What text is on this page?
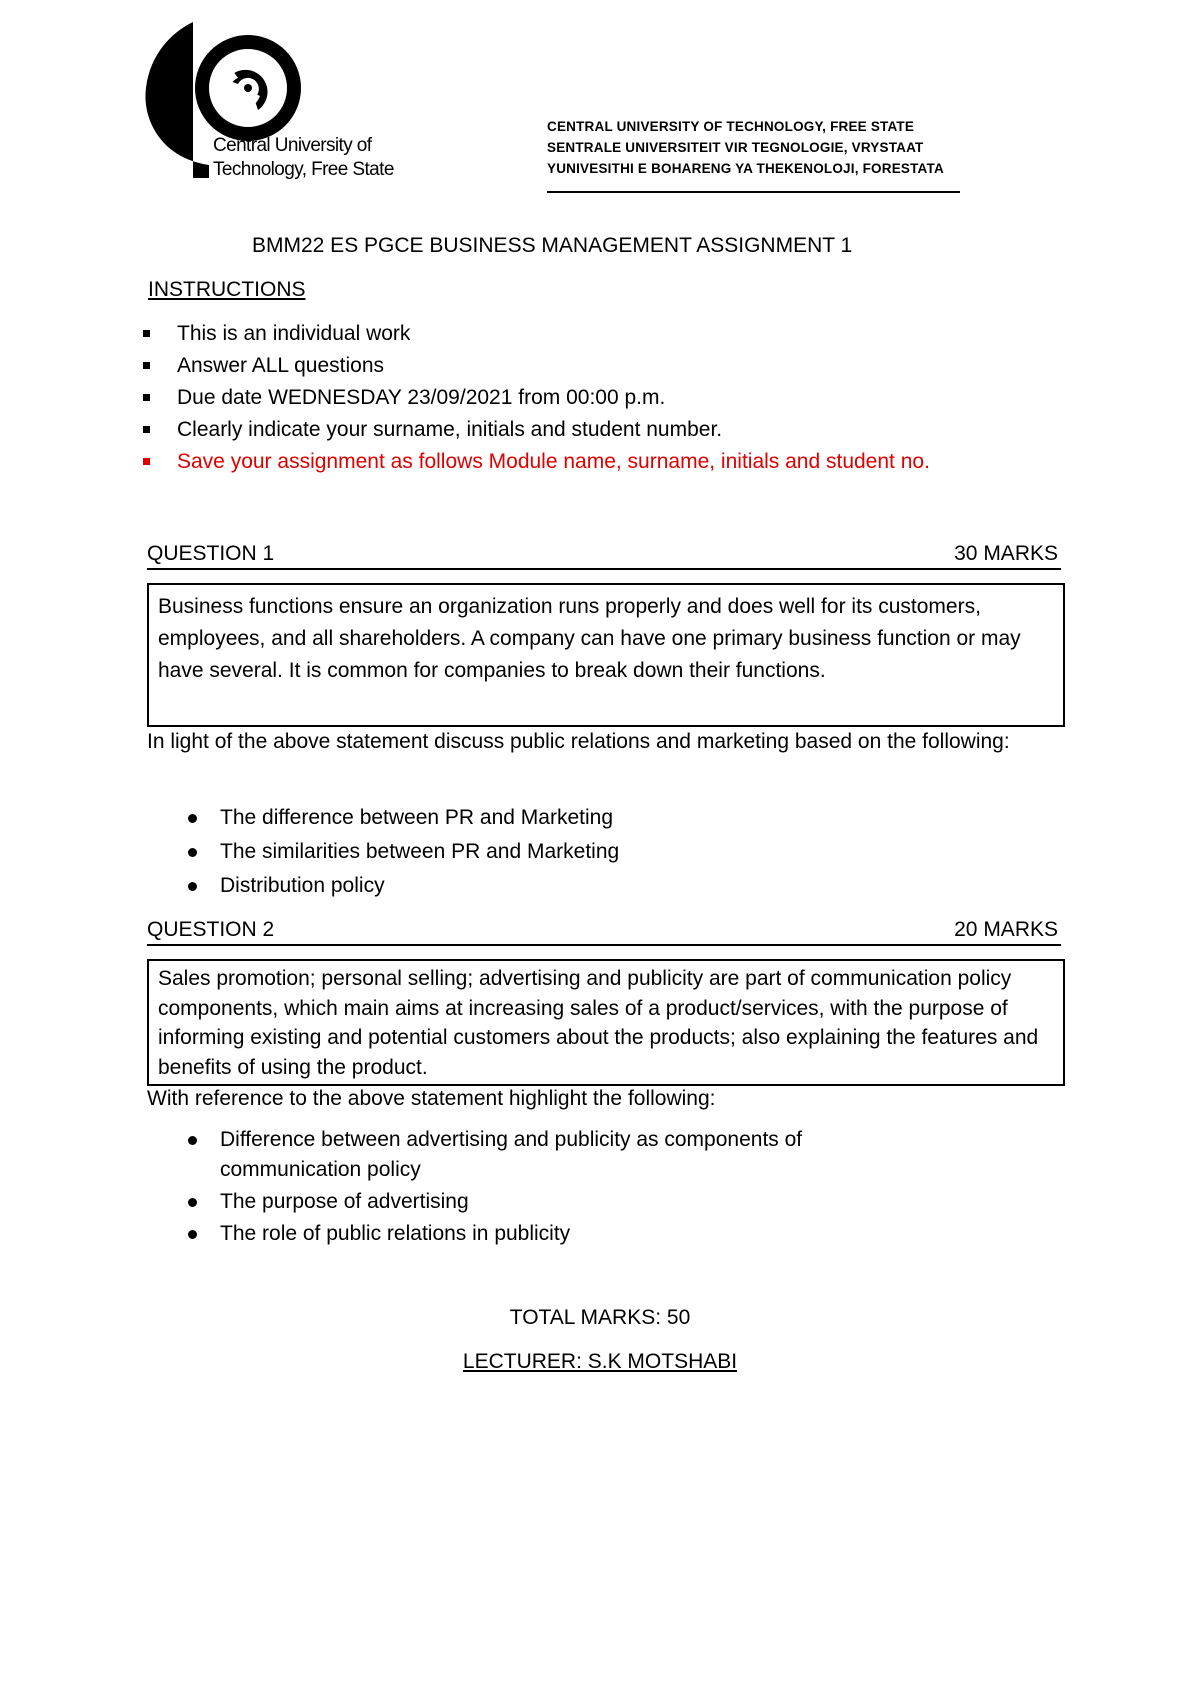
Central University of
Technology, Free State
CENTRAL UNIVERSITY OF TECHNOLOGY, FREE STATE
SENTRALE UNIVERSITEIT VIR TEGNOLOGIE, VRYSTAAT
YUNIVESITHI E BOHARENG YA THEKENOLOJI, FORESTATA
BMM22 ES PGCE BUSINESS MANAGEMENT ASSIGNMENT 1
INSTRUCTIONS
This is an individual work
Answer ALL questions
Due date WEDNESDAY 23/09/2021 from 00:00 p.m.
Clearly indicate your surname, initials and student number.
Save your assignment as follows Module name, surname, initials and student no.
QUESTION 1	30 MARKS
Business functions ensure an organization runs properly and does well for its customers, employees, and all shareholders. A company can have one primary business function or may have several. It is common for companies to break down their functions.
In light of the above statement discuss public relations and marketing based on the following:
The difference between PR and Marketing
The similarities between PR and Marketing
Distribution policy
QUESTION 2	20 MARKS
Sales promotion; personal selling; advertising and publicity are part of communication policy components, which main aims at increasing sales of a product/services, with the purpose of informing existing and potential customers about the products; also explaining the features and benefits of using the product.
With reference to the above statement highlight the following:
Difference between advertising and publicity as components of communication policy
The purpose of advertising
The role of public relations in publicity
TOTAL MARKS: 50
LECTURER: S.K MOTSHABI
